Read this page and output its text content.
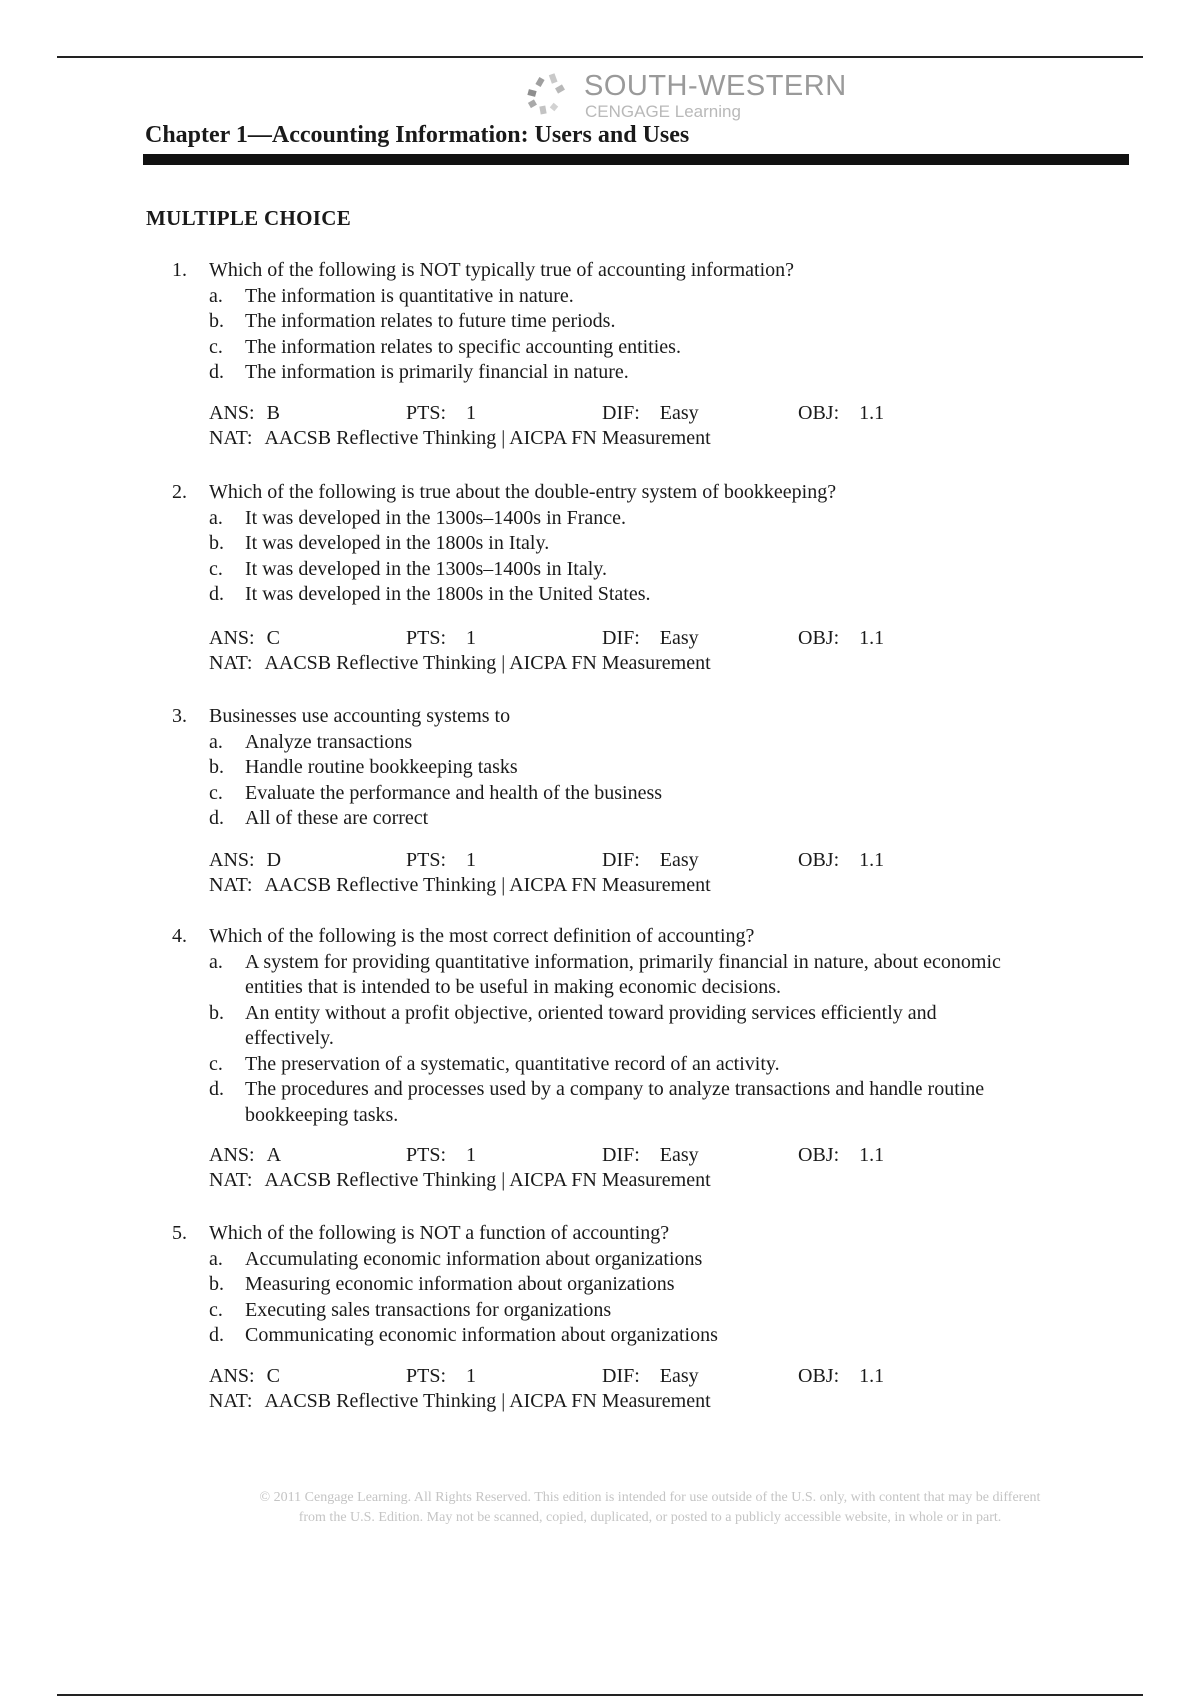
SOUTH-WESTERN
CENGAGE Learning
Chapter 1—Accounting Information: Users and Uses
MULTIPLE CHOICE
1. Which of the following is NOT typically true of accounting information?
a. The information is quantitative in nature.
b. The information relates to future time periods.
c. The information relates to specific accounting entities.
d. The information is primarily financial in nature.
ANS: B	PTS: 1	DIF: Easy	OBJ: 1.1
NAT: AACSB Reflective Thinking | AICPA FN Measurement
2. Which of the following is true about the double-entry system of bookkeeping?
a. It was developed in the 1300s–1400s in France.
b. It was developed in the 1800s in Italy.
c. It was developed in the 1300s–1400s in Italy.
d. It was developed in the 1800s in the United States.
ANS: C	PTS: 1	DIF: Easy	OBJ: 1.1
NAT: AACSB Reflective Thinking | AICPA FN Measurement
3. Businesses use accounting systems to
a. Analyze transactions
b. Handle routine bookkeeping tasks
c. Evaluate the performance and health of the business
d. All of these are correct
ANS: D	PTS: 1	DIF: Easy	OBJ: 1.1
NAT: AACSB Reflective Thinking | AICPA FN Measurement
4. Which of the following is the most correct definition of accounting?
a. A system for providing quantitative information, primarily financial in nature, about economic entities that is intended to be useful in making economic decisions.
b. An entity without a profit objective, oriented toward providing services efficiently and effectively.
c. The preservation of a systematic, quantitative record of an activity.
d. The procedures and processes used by a company to analyze transactions and handle routine bookkeeping tasks.
ANS: A	PTS: 1	DIF: Easy	OBJ: 1.1
NAT: AACSB Reflective Thinking | AICPA FN Measurement
5. Which of the following is NOT a function of accounting?
a. Accumulating economic information about organizations
b. Measuring economic information about organizations
c. Executing sales transactions for organizations
d. Communicating economic information about organizations
ANS: C	PTS: 1	DIF: Easy	OBJ: 1.1
NAT: AACSB Reflective Thinking | AICPA FN Measurement
© 2011 Cengage Learning. All Rights Reserved. This edition is intended for use outside of the U.S. only, with content that may be different
from the U.S. Edition. May not be scanned, copied, duplicated, or posted to a publicly accessible website, in whole or in part.
